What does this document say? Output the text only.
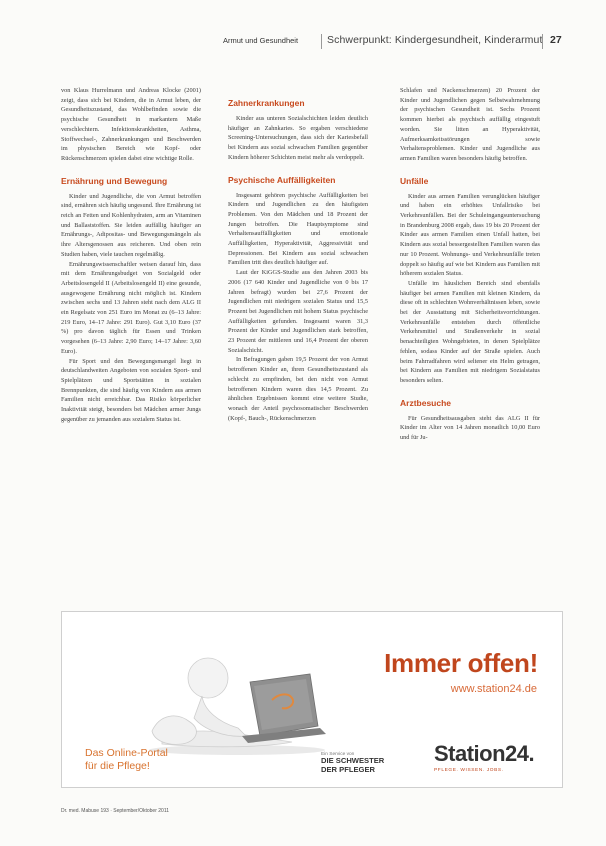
Armut und Gesundheit	Schwerpunkt: Kindergesundheit, Kinderarmut 27

von Klaus Hurrelmann und Andreas Klocke (2001) zeigt, dass sich bei Kindern, die in Armut leben, der Gesundheitszustand, das Wohlbefinden sowie die psychische Gesundheit in markantem Maße verschlechtern. Infektionskrankheiten, Asthma, Stoffwechsel-, Zahnerkrankungen und Beschwerden im physischen Bereich wie Kopf- oder Rückenschmerzen spielen dabei eine wichtige Rolle.

Ernährung und Bewegung

Kinder und Jugendliche, die von Armut betroffen sind, ernähren sich häufig ungesund. Ihre Ernährung ist reich an Fetten und Kohlenhydraten, arm an Vitaminen und Ballaststoffen. Sie leiden auffällig häufiger an Ernährungs-, Adipositas- und Bewegungsmängeln als ihre Altersgenossen aus reicheren. Und oben rein Studien haben, viele tauchen regelmäßig.

Ernährungswissenschaftler weisen darauf hin, dass mit dem Ernährungsbudget von Sozialgeld oder Arbeitslosengeld II (Arbeitslosengeld II) eine gesunde, ausgewogene Ernährung nicht möglich ist. Kindern zwischen sechs und 13 Jahren steht nach dem ALG II ein Regelsatz von 251 Euro im Monat zu (6–13 Jahre: 219 Euro, 14–17 Jahre: 291 Euro). Gut 3,10 Euro (37 %) pro davon täglich für Essen und Trinken vorgesehen (6–13 Jahre: 2,90 Euro; 14–17 Jahre: 3,60 Euro).

Für Sport und den Bewegungsmangel liegt in deutschlandweiten Angeboten von sozialen Sport- und Spielplätzen und Sportstätten in sozialen Brennpunkten, die sind häufig von Kindern aus armen Familien nicht erreichbar. Das Risiko körperlicher Inaktivität steigt, besonders bei Mädchen armer Jungs gegenüber zu jemanden aus sozialem Status ist.

Zahnerkrankungen

Kinder aus unteren Sozialschichten leiden deutlich häufiger an Zahnkaries. So ergaben verschiedene Screening-Untersuchungen, dass sich der Kariesbefall bei Kindern aus sozial schwachen Familien gegenüber Kindern höherer Schichten meist mehr als verdoppelt.

Psychische Auffälligkeiten

Insgesamt gehören psychische Auffälligkeiten bei Kindern und Jugendlichen zu den häufigsten Problemen. Von den Mädchen und 18 Prozent der Jungen betroffen. Die Hauptsymptome sind Verhaltensauffälligkeiten und emotionale Auffälligkeiten, Hyperaktivität, Aggressivität und Depressionen. Bei Kindern aus sozial schwachen Familien tritt dies deutlich häufiger auf.

Laut der KiGGS-Studie aus den Jahren 2003 bis 2006 (17 640 Kinder und Jugendliche von 0 bis 17 Jahren befragt) wurden bei 27,6 Prozent der Jugendlichen mit niedrigem sozialen Status und 15,5 Prozent bei Jugendlichen mit hohem Status psychische Auffälligkeiten gefunden. Insgesamt waren 31,3 Prozent der Kinder und Jugendlichen stark betroffen, 23 Prozent der mittleren und 16,4 Prozent der oberen Sozialschicht.

In Befragungen gaben 19,5 Prozent der von Armut betroffenen Kinder an, ihren Gesundheitszustand als schlecht zu empfinden, bei den nicht von Armut betroffenen Kindern waren dies 14,5 Prozent. Zu ähnlichen Ergebnissen kommt eine weitere Studie, wonach der Anteil psychosomatischer Beschwerden (Kopf-, Bauch-, Rückenschmerzen

Schlafen und Nackenschmerzen) 20 Prozent der Kinder und Jugendlichen gegen Selbstwahrnehmung der psychischen Gesundheit ist. Sechs Prozent kommen hierbei als psychisch auffällig eingestuft worden. Sie litten an Hyperaktivität, Aufmerksamkeitsstörungen sowie Verhaltensproblemen. Kinder und Jugendliche aus armen Familien waren besonders häufig betroffen.

Unfälle

Kinder aus armen Familien verunglücken häufiger und haben ein erhöhtes Unfallrisiko bei Verkehrsunfällen. Bei der Schuleingangsuntersuchung in Brandenburg 2008 ergab, dass 19 bis 20 Prozent der Kinder aus armen Familien einen Unfall hatten, bei Kindern aus sozial bessergestellten Familien waren das nur 10 Prozent. Wohnungs- und Verkehrsunfälle treten doppelt so häufig auf wie bei Kindern aus Familien mit höherem sozialen Status.

Unfälle im häuslichen Bereich sind ebenfalls häufiger bei armen Familien mit kleinen Kindern, da diese oft in schlechten Wohnverhältnissen leben, sowie bei der Ausstattung mit Sicherheitsvorrichtungen. Verkehrsunfälle entstehen durch öffentliche Verkehrsmittel und Straßenverkehr in sozial benachteiligten Wohngebieten, in denen Spielplätze fehlen, sodass Kinder auf der Straße spielen. Auch beim Fahrradfahren wird seltener ein Helm getragen, bei Kindern aus Familien mit niedrigem Sozialstatus besonders selten.

Arztbesuche

Für Gesundheitsausgaben steht das ALG II für Kinder im Alter von 14 Jahren monatlich 10,00 Euro und für Ju-

Immer offen!
www.station24.de
Das Online-Portal
für die Pflege!
Ein Service von
DIE SCHWESTER DER PFLEGER
Station24.
PFLEGE. WISSEN. JOBS.
Dr. med. Mabuse 193 · September/Oktober 2011
